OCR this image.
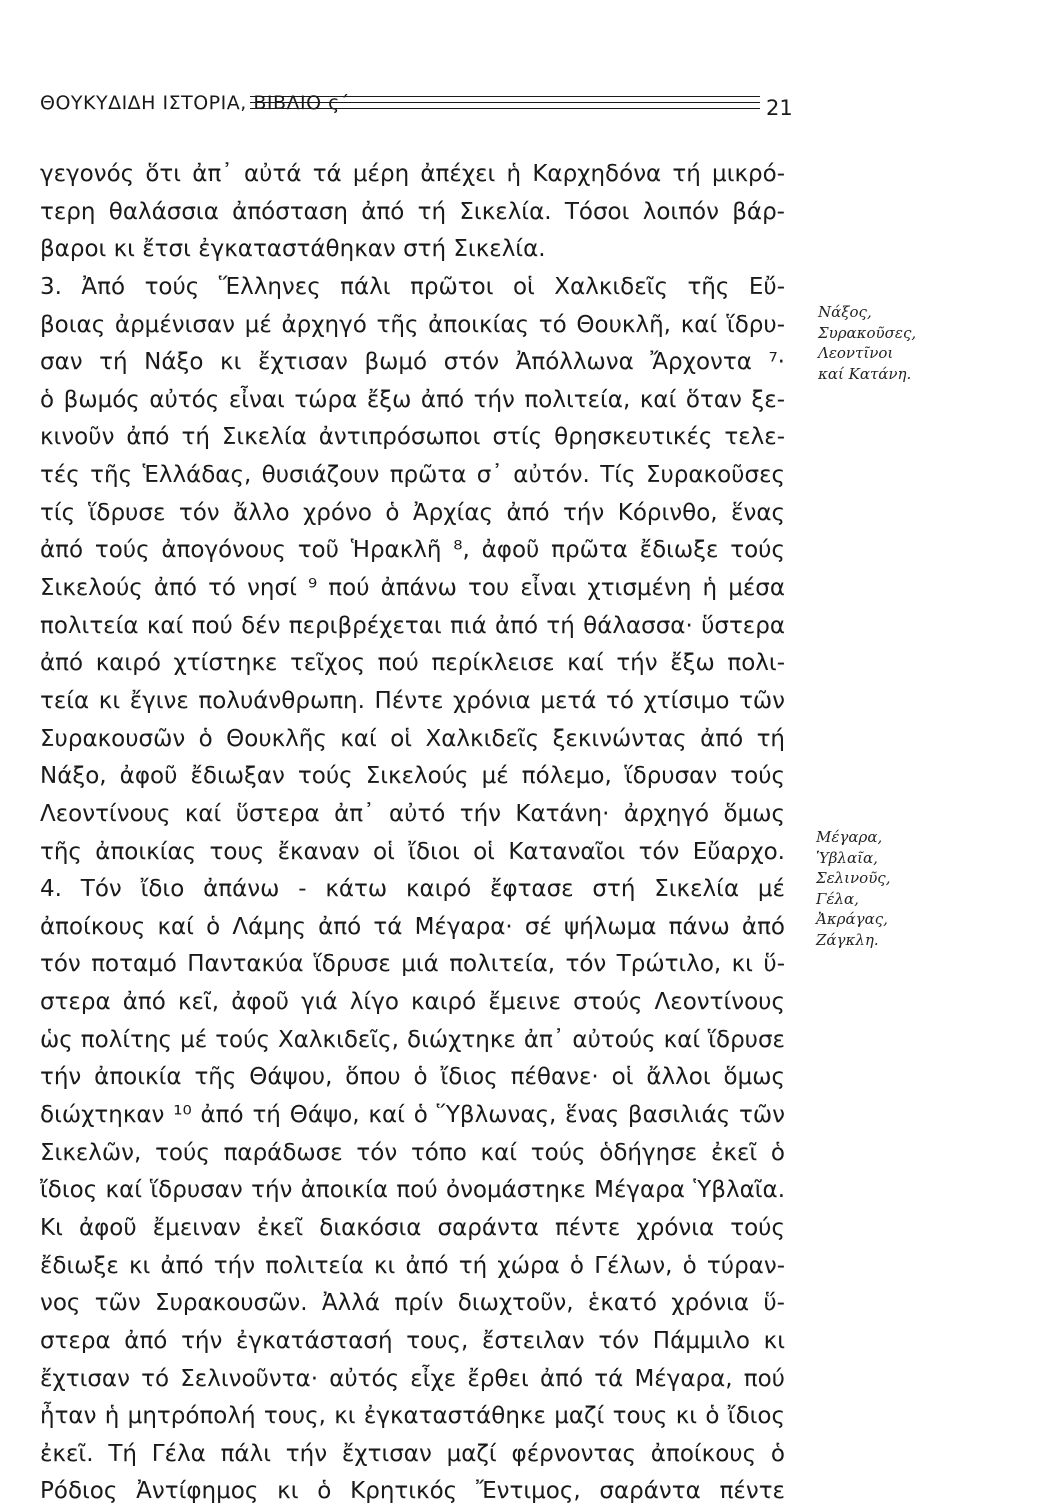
ΘΟΥΚΥΔΙΔΗ ΙΣΤΟΡΙΑ, ΒΙΒΛΙΟ ς΄	21
γεγονός ὅτι ἀπ᾽ αὐτά τά μέρη ἀπέχει ἡ Καρχηδόνα τή μικρό-
τερη θαλάσσια ἀπόσταση ἀπό τή Σικελία. Τόσοι λοιπόν βάρ-
βαροι κι ἔτσι ἐγκαταστάθηκαν στή Σικελία.
3. Ἀπό τούς Ἕλληνες πάλι πρῶτοι οἱ Χαλκιδεῖς τῆς Εὔ-
βοιας ἀρμένισαν μέ ἀρχηγό τῆς ἀποικίας τό Θουκλῆ, καί ἵδρυ-
σαν τή Νάξο κι ἔχτισαν βωμό στόν Ἀπόλλωνα Ἄρχοντα ⁷·
ὁ βωμός αὐτός εἶναι τώρα ἔξω ἀπό τήν πολιτεία, καί ὅταν ξε-
κινοῦν ἀπό τή Σικελία ἀντιπρόσωποι στίς θρησκευτικές τελε-
τές τῆς Ἑλλάδας, θυσιάζουν πρῶτα σ᾽ αὐτόν. Τίς Συρακοῦσες
τίς ἵδρυσε τόν ἄλλο χρόνο ὁ Ἀρχίας ἀπό τήν Κόρινθο, ἕνας
ἀπό τούς ἀπογόνους τοῦ Ἡρακλῆ ⁸, ἀφοῦ πρῶτα ἔδιωξε τούς
Σικελούς ἀπό τό νησί ⁹ πού ἀπάνω του εἶναι χτισμένη ἡ μέσα
πολιτεία καί πού δέν περιβρέχεται πιά ἀπό τή θάλασσα· ὕστερα
ἀπό καιρό χτίστηκε τεῖχος πού περίκλεισε καί τήν ἔξω πολι-
τεία κι ἔγινε πολυάνθρωπη. Πέντε χρόνια μετά τό χτίσιμο τῶν
Συρακουσῶν ὁ Θουκλῆς καί οἱ Χαλκιδεῖς ξεκινώντας ἀπό τή
Νάξο, ἀφοῦ ἔδιωξαν τούς Σικελούς μέ πόλεμο, ἵδρυσαν τούς
Λεοντίνους καί ὕστερα ἀπ᾽ αὐτό τήν Κατάνη· ἀρχηγό ὅμως
τῆς ἀποικίας τους ἔκαναν οἱ ἴδιοι οἱ Καταναῖοι τόν Εὔαρχο.
4. Τόν ἴδιο ἀπάνω - κάτω καιρό ἔφτασε στή Σικελία μέ
ἀποίκους καί ὁ Λάμης ἀπό τά Μέγαρα· σέ ψήλωμα πάνω ἀπό
τόν ποταμό Παντακύα ἵδρυσε μιά πολιτεία, τόν Τρώτιλο, κι ὕ-
στερα ἀπό κεῖ, ἀφοῦ γιά λίγο καιρό ἔμεινε στούς Λεοντίνους
ὡς πολίτης μέ τούς Χαλκιδεῖς, διώχτηκε ἀπ᾽ αὐτούς καί ἵδρυσε
τήν ἀποικία τῆς Θάψου, ὅπου ὁ ἴδιος πέθανε· οἱ ἄλλοι ὅμως
διώχτηκαν ¹⁰ ἀπό τή Θάψο, καί ὁ Ὕβλωνας, ἕνας βασιλιάς τῶν
Σικελῶν, τούς παράδωσε τόν τόπο καί τούς ὁδήγησε ἐκεῖ ὁ
ἴδιος καί ἵδρυσαν τήν ἀποικία πού ὀνομάστηκε Μέγαρα Ὑβλαῖα.
Κι ἀφοῦ ἔμειναν ἐκεῖ διακόσια σαράντα πέντε χρόνια τούς
ἔδιωξε κι ἀπό τήν πολιτεία κι ἀπό τή χώρα ὁ Γέλων, ὁ τύραν-
νος τῶν Συρακουσῶν. Ἀλλά πρίν διωχτοῦν, ἑκατό χρόνια ὕ-
στερα ἀπό τήν ἐγκατάστασή τους, ἔστειλαν τόν Πάμμιλο κι
ἔχτισαν τό Σελινοῦντα· αὐτός εἶχε ἔρθει ἀπό τά Μέγαρα, πού
ἦταν ἡ μητρόπολή τους, κι ἐγκαταστάθηκε μαζί τους κι ὁ ἴδιος
ἐκεῖ. Τή Γέλα πάλι τήν ἔχτισαν μαζί φέρνοντας ἀποίκους ὁ
Ρόδιος Ἀντίφημος κι ὁ Κρητικός Ἔντιμος, σαράντα πέντε
Νάξος,
Συρακοῦσες,
Λεοντῖνοι
καί Κατάνη.
Μέγαρα,
Ὑβλαῖα,
Σελινοῦς,
Γέλα,
Ἀκράγας,
Ζάγκλη.
